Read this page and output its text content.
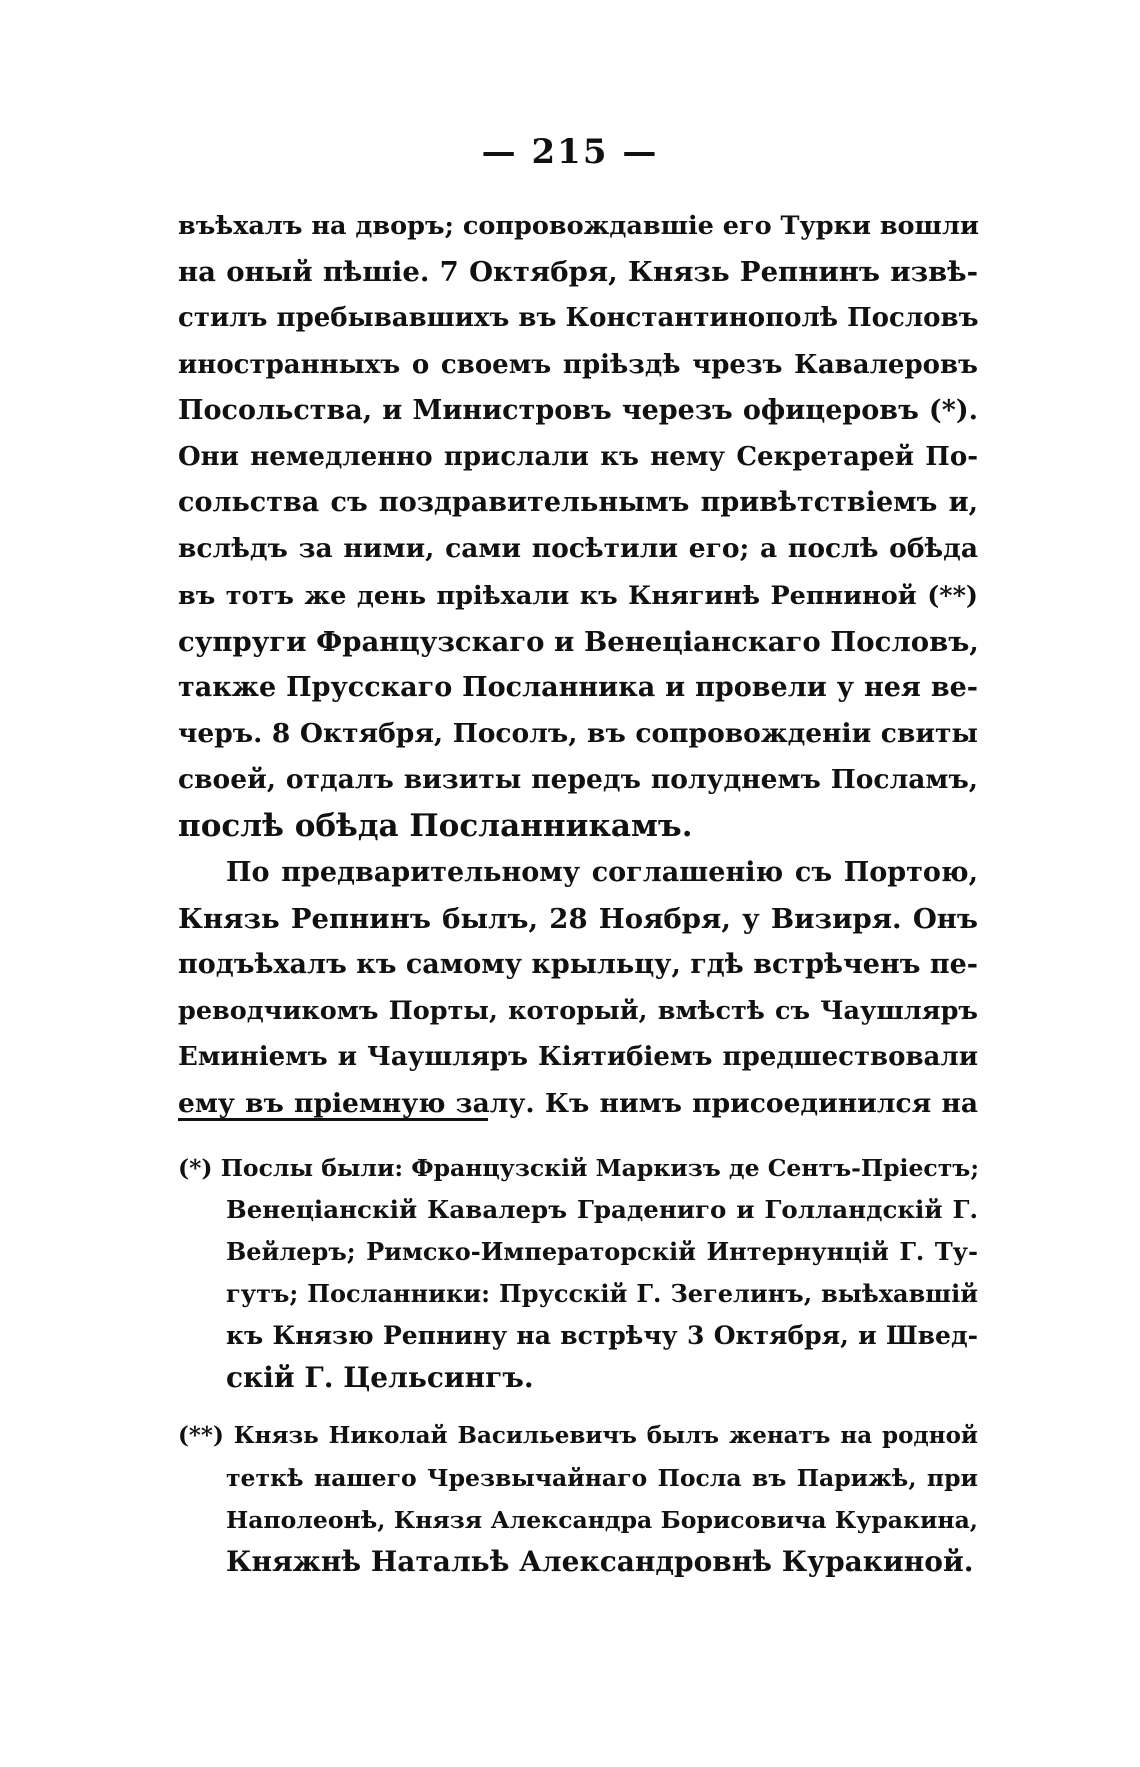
— 215 —
въѣхалъ на дворъ; сопровождавшіе его Турки вошли
на оный пѣшіе. 7 Октября, Князь Репнинъ извѣ-
стилъ пребывавшихъ въ Константинополѣ Пословъ
иностранныхъ о своемъ пріѣздѣ чрезъ Кавалеровъ
Посольства, и Министровъ черезъ офицеровъ (*).
Они немедленно прислали къ нему Секретарей По-
сольства съ поздравительнымъ привѣтствіемъ и,
вслѣдъ за ними, сами посѣтили его; а послѣ обѣда
въ тотъ же день пріѣхали къ Княгинѣ Репниной (**)
супруги Французскаго и Венеціанскаго Пословъ,
также Прусскаго Посланника и провели у нея ве-
черъ. 8 Октября, Посолъ, въ сопровожденіи свиты
своей, отдалъ визиты передъ полуднемъ Посламъ,
послѣ обѣда Посланникамъ.
По предварительному соглашенію съ Портою,
Князь Репнинъ былъ, 28 Ноября, у Визиря. Онъ
подъѣхалъ къ самому крыльцу, гдѣ встрѣченъ пе-
реводчикомъ Порты, который, вмѣстѣ съ Чаушляръ
Еминіемъ и Чаушляръ Кіятибіемъ предшествовали
ему въ пріемную залу. Къ нимъ присоединился на
(*) Послы были: Французскій Маркизъ де Сентъ-Пріестъ;
Венеціанскій Кавалеръ Градениго и Голландскій Г.
Вейлеръ; Римско-Императорскій Интернунцій Г. Ту-
гутъ; Посланники: Прусскій Г. Зегелинъ, выѣхавшій
къ Князю Репнину на встрѣчу 3 Октября, и Швед-
скій Г. Цельсингъ.
(**) Князь Николай Васильевичъ былъ женатъ на родной
теткѣ нашего Чрезвычайнаго Посла въ Парижѣ, при
Наполеонѣ, Князя Александра Борисовича Куракина,
Княжнѣ Натальѣ Александровнѣ Куракиной.
